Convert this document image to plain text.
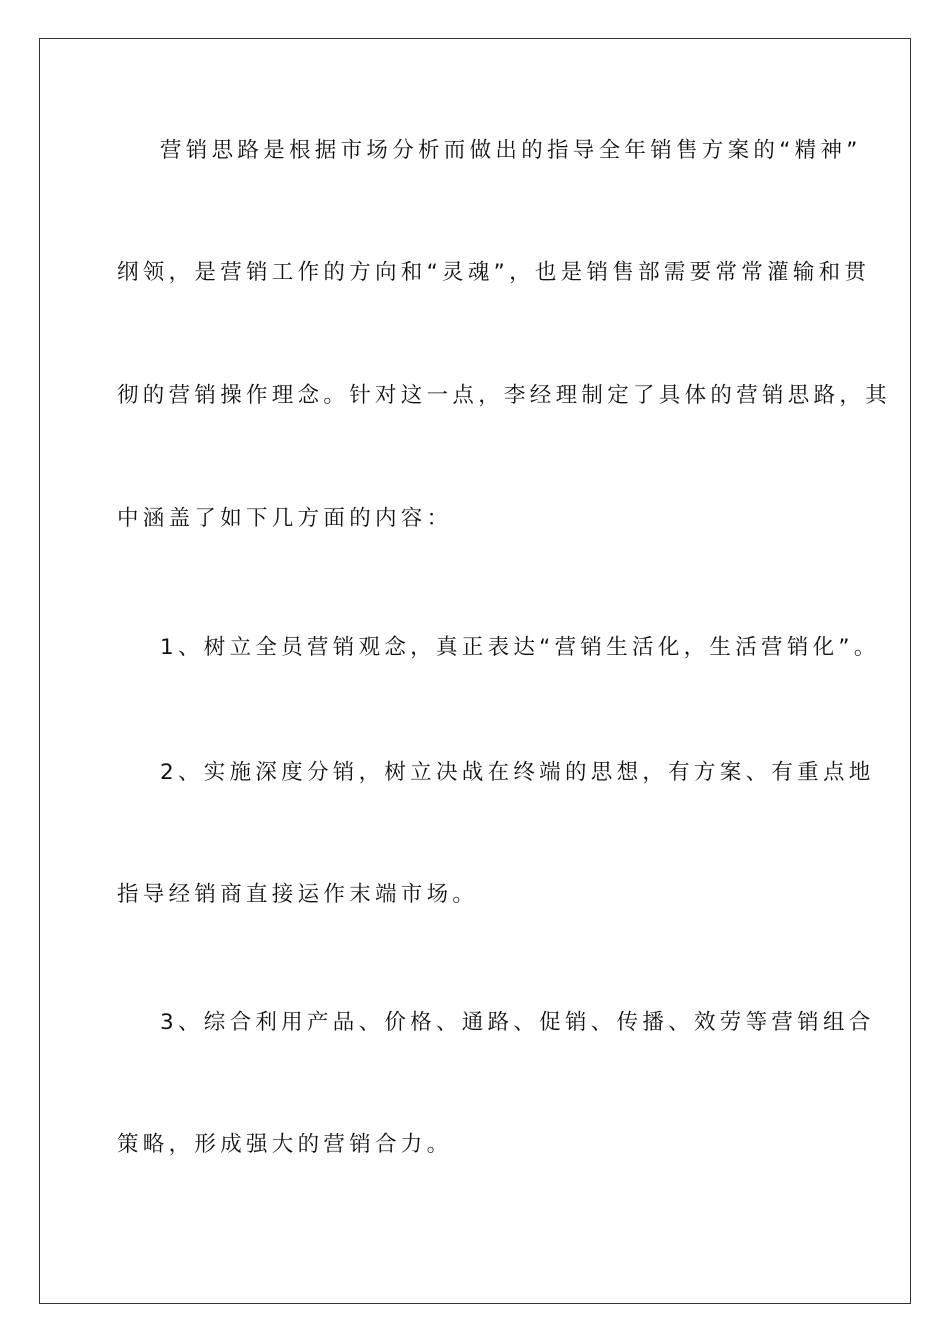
营销思路是根据市场分析而做出的指导全年销售方案的“精神”
纲领，是营销工作的方向和“灵魂”，也是销售部需要常常灌输和贯
彻的营销操作理念。针对这一点，李经理制定了具体的营销思路，其
中涵盖了如下几方面的内容：
1、树立全员营销观念，真正表达“营销生活化，生活营销化”。
2、实施深度分销，树立决战在终端的思想，有方案、有重点地
指导经销商直接运作末端市场。
3、综合利用产品、价格、通路、促销、传播、效劳等营销组合
策略，形成强大的营销合力。
